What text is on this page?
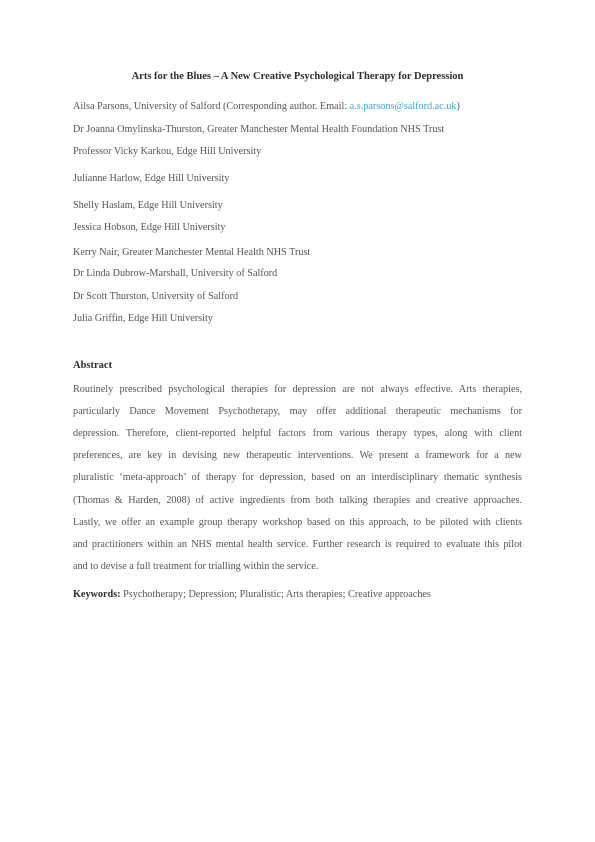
Arts for the Blues – A New Creative Psychological Therapy for Depression
Ailsa Parsons, University of Salford (Corresponding author. Email: a.s.parsons@salford.ac.uk)
Dr Joanna Omylinska-Thurston, Greater Manchester Mental Health Foundation NHS Trust
Professor Vicky Karkou, Edge Hill University
Julianne Harlow, Edge Hill University
Shelly Haslam, Edge Hill University
Jessica Hobson, Edge Hill University
Kerry Nair, Greater Manchester Mental Health NHS Trust
Dr Linda Dubrow-Marshall, University of Salford
Dr Scott Thurston, University of Salford
Julia Griffin, Edge Hill University
Abstract
Routinely prescribed psychological therapies for depression are not always effective. Arts therapies,
particularly Dance Movement Psychotherapy, may offer additional therapeutic mechanisms for
depression. Therefore, client-reported helpful factors from various therapy types, along with client
preferences, are key in devising new therapeutic interventions. We present a framework for a new
pluralistic ‘meta-approach’ of therapy for depression, based on an interdisciplinary thematic synthesis
(Thomas & Harden, 2008) of active ingredients from both talking therapies and creative approaches.
Lastly, we offer an example group therapy workshop based on this approach, to be piloted with clients
and practitioners within an NHS mental health service. Further research is required to evaluate this pilot
and to devise a full treatment for trialling within the service.
Keywords: Psychotherapy; Depression; Pluralistic; Arts therapies; Creative approaches
